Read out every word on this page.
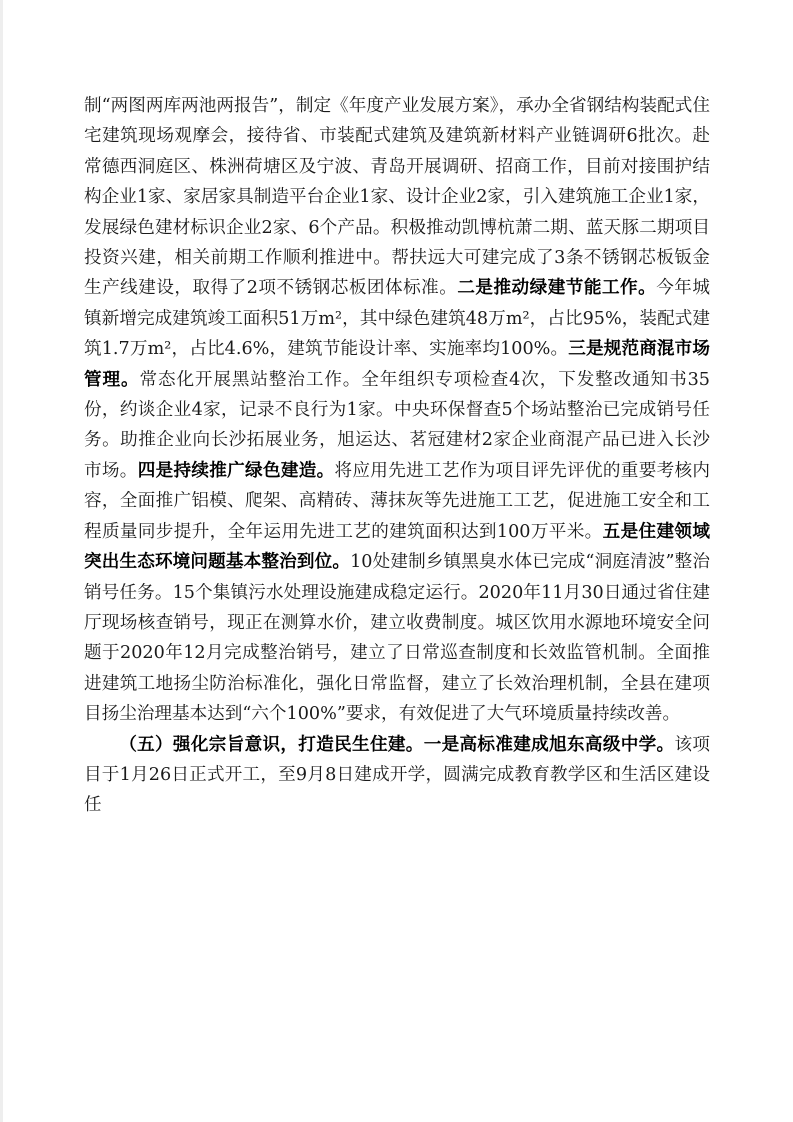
制“两图两库两池两报告”，制定《年度产业发展方案》，承办全省钢结构装配式住宅建筑现场观摩会，接待省、市装配式建筑及建筑新材料产业链调研6批次。赴常德西洞庭区、株洲荷塘区及宁波、青岛开展调研、招商工作，目前对接围护结构企业1家、家居家具制造平台企业1家、设计企业2家，引入建筑施工企业1家，发展绿色建材标识企业2家、6个产品。积极推动凯博杭萧二期、蓝天豚二期项目投资兴建，相关前期工作顺利推进中。帮扶远大可建完成了3条不锈钢芯板钣金生产线建设，取得了2项不锈钢芯板团体标准。二是推动绿建节能工作。今年城镇新增完成建筑竣工面积51万m²，其中绿色建筑48万m²，占比95%，装配式建筑1.7万m²，占比4.6%，建筑节能设计率、实施率均100%。三是规范商混市场管理。常态化开展黑站整治工作。全年组织专项检查4次，下发整改通知书35份，约谈企业4家，记录不良行为1家。中央环保督查5个场站整治已完成销号任务。助推企业向长沙拓展业务，旭运达、茗冠建材2家企业商混产品已进入长沙市场。四是持续推广绿色建造。将应用先进工艺作为项目评先评优的重要考核内容，全面推广铝模、爬架、高精砖、薄抹灰等先进施工工艺，促进施工安全和工程质量同步提升，全年运用先进工艺的建筑面积达到100万平米。五是住建领域突出生态环境问题基本整治到位。10处建制乡镇黑臭水体已完成“洞庭清波”整治销号任务。15个集镇污水处理设施建成稳定运行。2020年11月30日通过省住建厅现场核查销号，现正在测算水价，建立收费制度。城区饮用水源地环境安全问题于2020年12月完成整治销号，建立了日常巡查制度和长效监管机制。全面推进建筑工地扬尘防治标准化，强化日常监督，建立了长效治理机制，全县在建项目扬尘治理基本达到“六个100%”要求，有效促进了大气环境质量持续改善。

（五）强化宗旨意识，打造民生住建。一是高标准建成旭东高级中学。该项目于1月26日正式开工，至9月8日建成开学，圆满完成教育教学区和生活区建设任
